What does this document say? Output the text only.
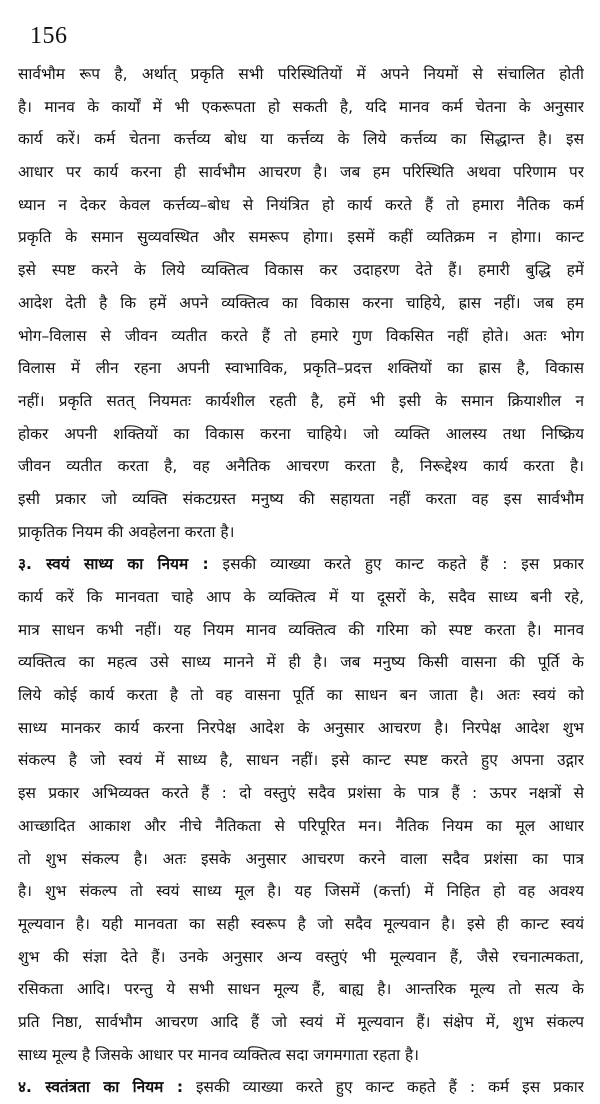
156
सार्वभौम रूप है, अर्थात् प्रकृति सभी परिस्थितियों में अपने नियमों से संचालित होती
है। मानव के कार्यों में भी एकरूपता हो सकती है, यदि मानव कर्म चेतना के अनुसार
कार्य करें। कर्म चेतना कर्त्तव्य बोध या कर्त्तव्य के लिये कर्त्तव्य का सिद्धान्त है। इस
आधार पर कार्य करना ही सार्वभौम आचरण है। जब हम परिस्थिति अथवा परिणाम पर
ध्यान न देकर केवल कर्त्तव्य–बोध से नियंत्रित हो कार्य करते हैं तो हमारा नैतिक कर्म
प्रकृति के समान सुव्यवस्थित और समरूप होगा। इसमें कहीं व्यतिक्रम न होगा। कान्ट
इसे स्पष्ट करने के लिये व्यक्तित्व विकास कर उदाहरण देते हैं। हमारी बुद्धि हमें
आदेश देती है कि हमें अपने व्यक्तित्व का विकास करना चाहिये, ह्रास नहीं। जब हम
भोग–विलास से जीवन व्यतीत करते हैं तो हमारे गुण विकसित नहीं होते। अतः भोग
विलास में लीन रहना अपनी स्वाभाविक, प्रकृति–प्रदत्त शक्तियों का ह्रास है, विकास
नहीं। प्रकृति सतत् नियमतः कार्यशील रहती है, हमें भी इसी के समान क्रियाशील न
होकर अपनी शक्तियों का विकास करना चाहिये। जो व्यक्ति आलस्य तथा निष्क्रिय
जीवन व्यतीत करता है, वह अनैतिक आचरण करता है, निरूद्देश्य कार्य करता है।
इसी प्रकार जो व्यक्ति संकटग्रस्त मनुष्य की सहायता नहीं करता वह इस सार्वभौम
प्राकृतिक नियम की अवहेलना करता है।
३. स्वयं साध्य का नियम : इसकी व्याख्या करते हुए कान्ट कहते हैं : इस प्रकार
कार्य करें कि मानवता चाहे आप के व्यक्तित्व में या दूसरों के, सदैव साध्य बनी रहे,
मात्र साधन कभी नहीं। यह नियम मानव व्यक्तित्व की गरिमा को स्पष्ट करता है। मानव
व्यक्तित्व का महत्व उसे साध्य मानने में ही है। जब मनुष्य किसी वासना की पूर्ति के
लिये कोई कार्य करता है तो वह वासना पूर्ति का साधन बन जाता है। अतः स्वयं को
साध्य मानकर कार्य करना निरपेक्ष आदेश के अनुसार आचरण है। निरपेक्ष आदेश शुभ
संकल्प है जो स्वयं में साध्य है, साधन नहीं। इसे कान्ट स्पष्ट करते हुए अपना उद्गार
इस प्रकार अभिव्यक्त करते हैं : दो वस्तुएं सदैव प्रशंसा के पात्र हैं : ऊपर नक्षत्रों से
आच्छादित आकाश और नीचे नैतिकता से परिपूरित मन। नैतिक नियम का मूल आधार
तो शुभ संकल्प है। अतः इसके अनुसार आचरण करने वाला सदैव प्रशंसा का पात्र
है। शुभ संकल्प तो स्वयं साध्य मूल है। यह जिसमें (कर्त्ता) में निहित हो वह अवश्य
मूल्यवान है। यही मानवता का सही स्वरूप है जो सदैव मूल्यवान है। इसे ही कान्ट स्वयं
शुभ की संज्ञा देते हैं। उनके अनुसार अन्य वस्तुएं भी मूल्यवान हैं, जैसे रचनात्मकता,
रसिकता आदि। परन्तु ये सभी साधन मूल्य हैं, बाह्य है। आन्तरिक मूल्य तो सत्य के
प्रति निष्ठा, सार्वभौम आचरण आदि हैं जो स्वयं में मूल्यवान हैं। संक्षेप में, शुभ संकल्प
साध्य मूल्य है जिसके आधार पर मानव व्यक्तित्व सदा जगमगाता रहता है।
४. स्वतंत्रता का नियम : इसकी व्याख्या करते हुए कान्ट कहते हैं : कर्म इस प्रकार
